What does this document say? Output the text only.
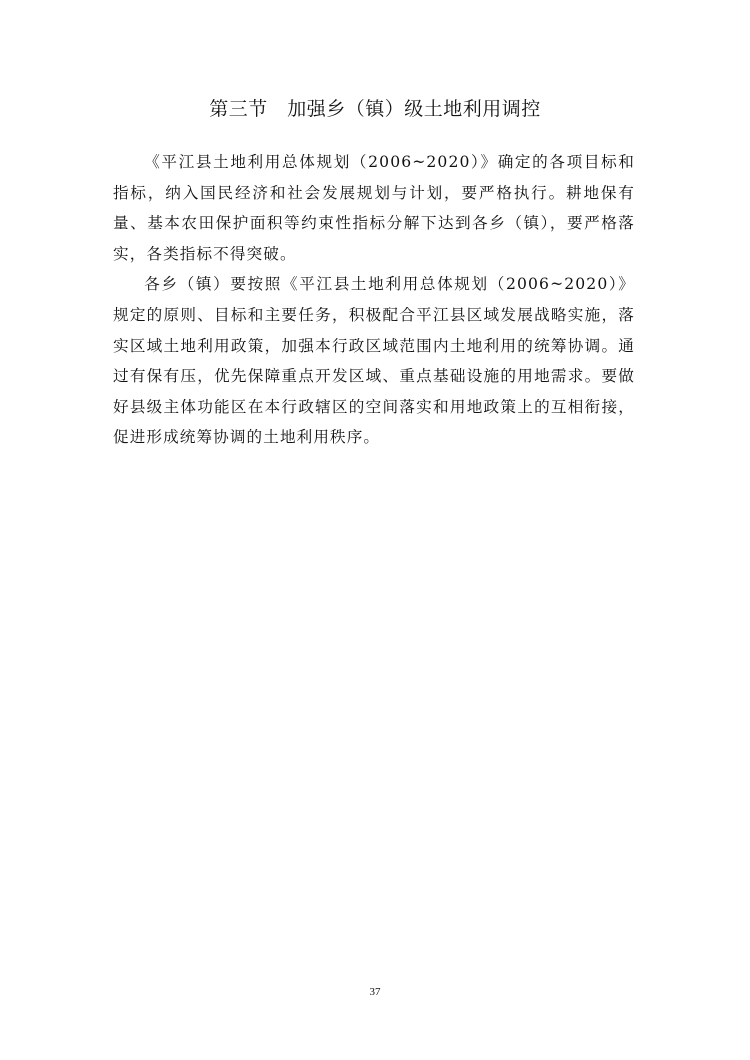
第三节　加强乡（镇）级土地利用调控

《平江县土地利用总体规划（2006~2020）》确定的各项目标和指标，纳入国民经济和社会发展规划与计划，要严格执行。耕地保有量、基本农田保护面积等约束性指标分解下达到各乡（镇），要严格落实，各类指标不得突破。

各乡（镇）要按照《平江县土地利用总体规划（2006~2020）》规定的原则、目标和主要任务，积极配合平江县区域发展战略实施，落实区域土地利用政策，加强本行政区域范围内土地利用的统筹协调。通过有保有压，优先保障重点开发区域、重点基础设施的用地需求。要做好县级主体功能区在本行政辖区的空间落实和用地政策上的互相衔接，促进形成统筹协调的土地利用秩序。

37
